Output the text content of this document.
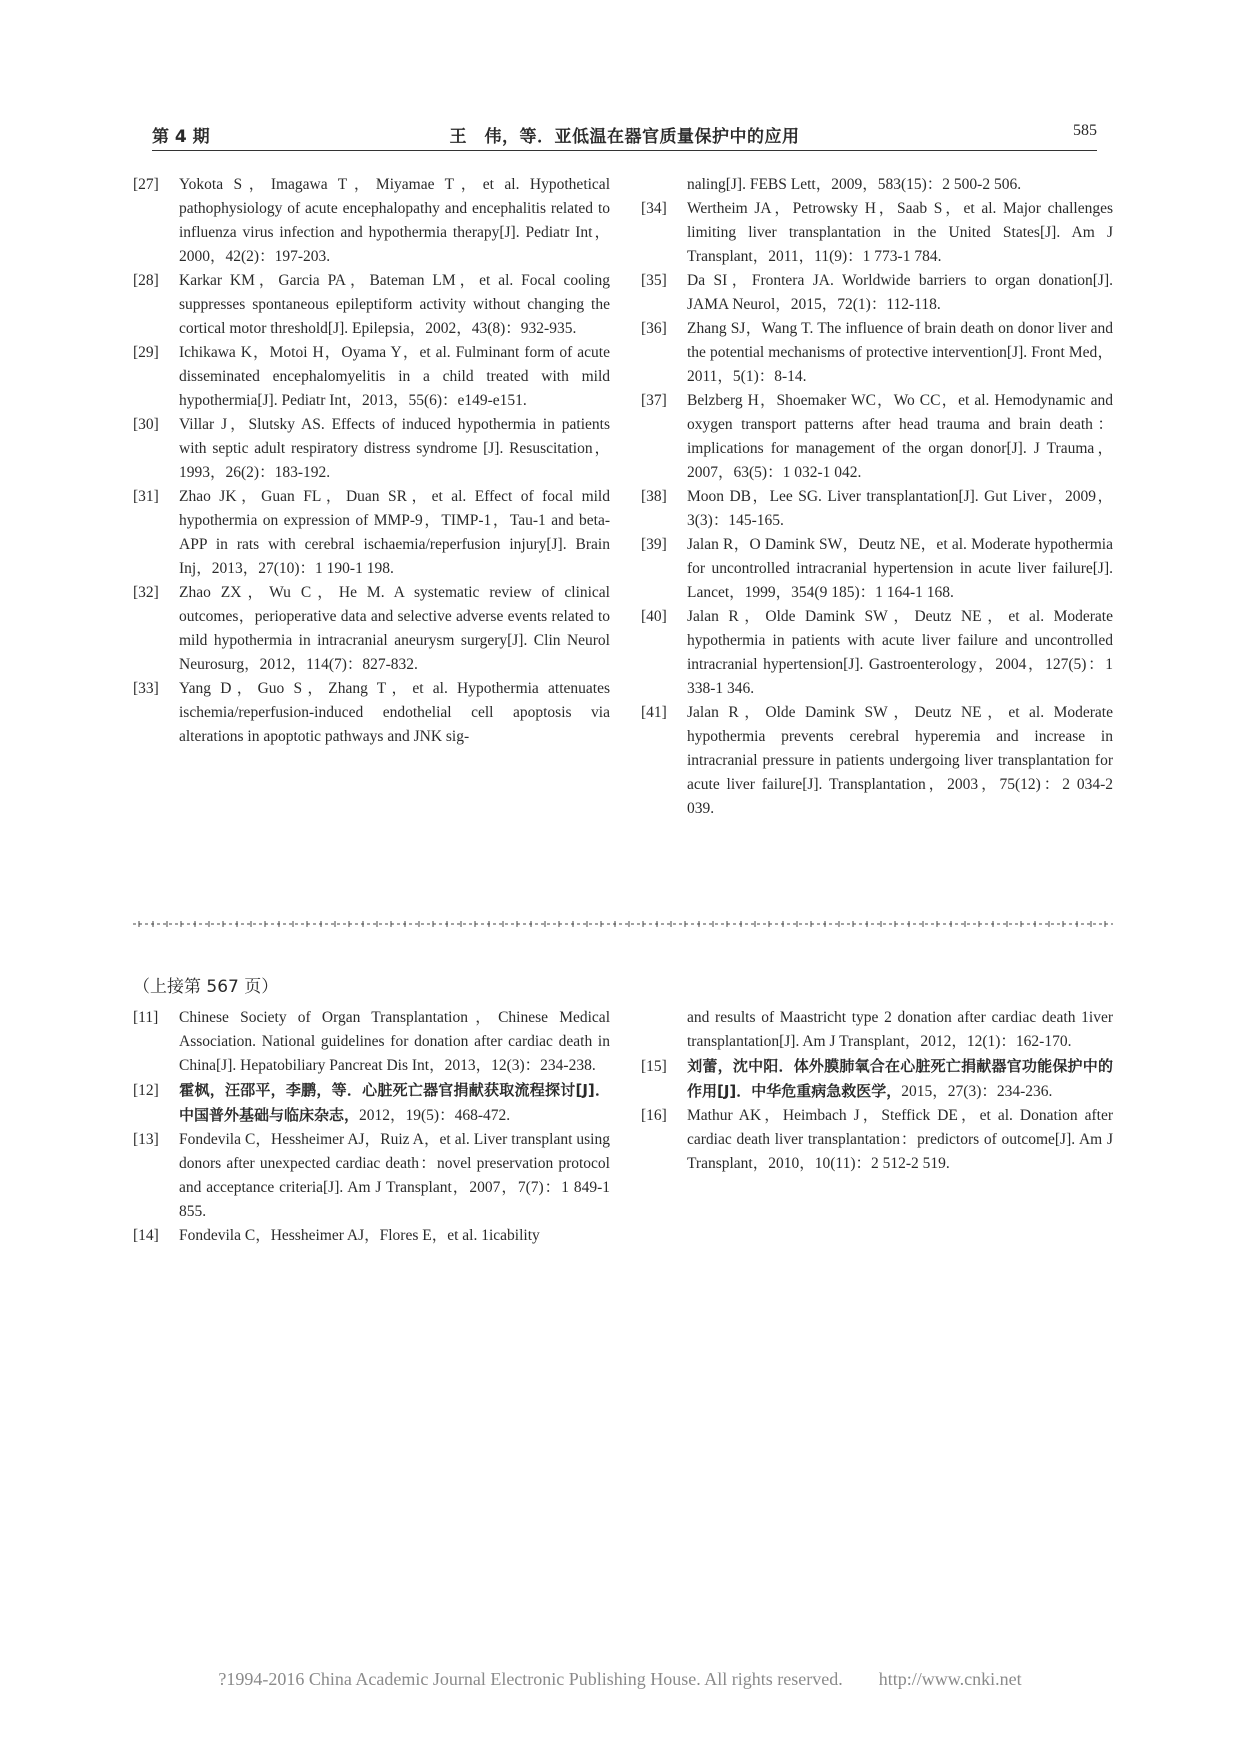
第 4 期	王　伟，等．亚低温在器官质量保护中的应用	585

[27] Yokota S，Imagawa T，Miyamae T，et al. Hypothetical pathophysiology of acute encephalopathy and encephalitis related to influenza virus infection and hypothermia therapy[J]. Pediatr Int，2000，42(2)：197-203.

[28] Karkar KM，Garcia PA，Bateman LM，et al. Focal cooling suppresses spontaneous epileptiform activity without changing the cortical motor threshold[J]. Epilepsia，2002，43(8)：932-935.

[29] Ichikawa K，Motoi H，Oyama Y，et al. Fulminant form of acute disseminated encephalomyelitis in a child treated with mild hypothermia[J]. Pediatr Int，2013，55(6)：e149-e151.

[30] Villar J，Slutsky AS. Effects of induced hypothermia in patients with septic adult respiratory distress syndrome [J]. Resuscitation，1993，26(2)：183-192.

[31] Zhao JK，Guan FL，Duan SR，et al. Effect of focal mild hypothermia on expression of MMP-9，TIMP-1，Tau-1 and beta-APP in rats with cerebral ischaemia/reperfusion injury[J]. Brain Inj，2013，27(10)：1 190-1 198.

[32] Zhao ZX，Wu C，He M. A systematic review of clinical outcomes，perioperative data and selective adverse events related to mild hypothermia in intracranial aneurysm surgery[J]. Clin Neurol Neurosurg，2012，114(7)：827-832.

[33] Yang D，Guo S，Zhang T，et al. Hypothermia attenuates ischemia/reperfusion-induced endothelial cell apoptosis via alterations in apoptotic pathways and JNK sig-

naling[J]. FEBS Lett，2009，583(15)：2 500-2 506.

[34] Wertheim JA，Petrowsky H，Saab S，et al. Major challenges limiting liver transplantation in the United States[J]. Am J Transplant，2011，11(9)：1 773-1 784.

[35] Da SI，Frontera JA. Worldwide barriers to organ donation[J]. JAMA Neurol，2015，72(1)：112-118.

[36] Zhang SJ，Wang T. The influence of brain death on donor liver and the potential mechanisms of protective intervention[J]. Front Med，2011，5(1)：8-14.

[37] Belzberg H，Shoemaker WC，Wo CC，et al. Hemodynamic and oxygen transport patterns after head trauma and brain death：implications for management of the organ donor[J]. J Trauma，2007，63(5)：1 032-1 042.

[38] Moon DB，Lee SG. Liver transplantation[J]. Gut Liver，2009，3(3)：145-165.

[39] Jalan R，O Damink SW，Deutz NE，et al. Moderate hypothermia for uncontrolled intracranial hypertension in acute liver failure[J]. Lancet，1999，354(9 185)：1 164-1 168.

[40] Jalan R，Olde Damink SW，Deutz NE，et al. Moderate hypothermia in patients with acute liver failure and uncontrolled intracranial hypertension[J]. Gastroenterology，2004，127(5)：1 338-1 346.

[41] Jalan R，Olde Damink SW，Deutz NE，et al. Moderate hypothermia prevents cerebral hyperemia and increase in intracranial pressure in patients undergoing liver transplantation for acute liver failure[J]. Transplantation，2003，75(12)：2 034-2 039.

（上接第 567 页）

[11] Chinese Society of Organ Transplantation，Chinese Medical Association. National guidelines for donation after cardiac death in China[J]. Hepatobiliary Pancreat Dis Int，2013，12(3)：234-238.

[12] 霍枫，汪邵平，李鹏，等．心脏死亡器官捐献获取流程探讨[J]．中国普外基础与临床杂志，2012，19(5)：468-472.

[13] Fondevila C，Hessheimer AJ，Ruiz A，et al. Liver transplant using donors after unexpected cardiac death：novel preservation protocol and acceptance criteria[J]. Am J Transplant，2007，7(7)：1 849-1 855.

[14] Fondevila C，Hessheimer AJ，Flores E，et al. 1icability

and results of Maastricht type 2 donation after cardiac death 1iver transplantation[J]. Am J Transplant，2012，12(1)：162-170.

[15] 刘蕾，沈中阳．体外膜肺氧合在心脏死亡捐献器官功能保护中的作用[J]．中华危重病急救医学，2015，27(3)：234-236.

[16] Mathur AK，Heimbach J，Steffick DE，et al. Donation after cardiac death liver transplantation：predictors of outcome[J]. Am J Transplant，2010，10(11)：2 512-2 519.

?1994-2016 China Academic Journal Electronic Publishing House. All rights reserved.　　http://www.cnki.net
